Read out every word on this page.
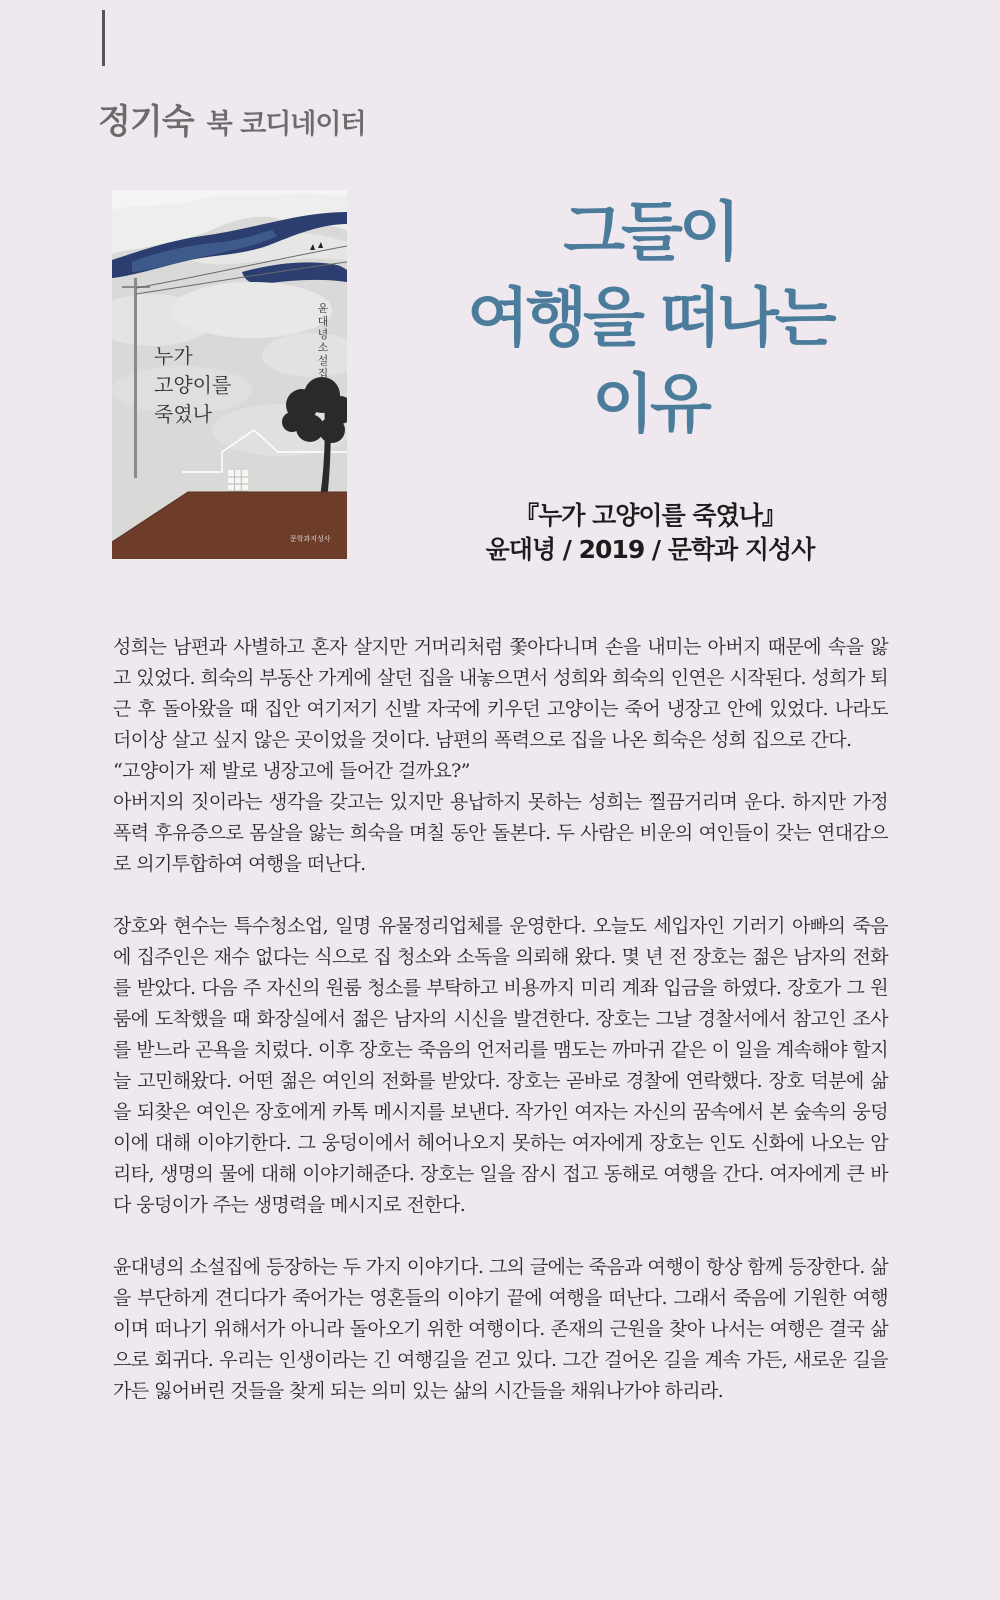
정기숙 북 코디네이터
누가
고양이를
죽였나
윤대녕 소설집
문학과지성사
그들이
여행을 떠나는
이유
『누가 고양이를 죽였나』
윤대녕 / 2019 / 문학과 지성사
성희는 남편과 사별하고 혼자 살지만 거머리처럼 쫓아다니며 손을 내미는 아버지 때문에 속을 앓고 있었다. 희숙의 부동산 가게에 살던 집을 내놓으면서 성희와 희숙의 인연은 시작된다. 성희가 퇴근 후 돌아왔을 때 집안 여기저기 신발 자국에 키우던 고양이는 죽어 냉장고 안에 있었다. 나라도 더이상 살고 싶지 않은 곳이었을 것이다. 남편의 폭력으로 집을 나온 희숙은 성희 집으로 간다.
“고양이가 제 발로 냉장고에 들어간 걸까요?”
아버지의 짓이라는 생각을 갖고는 있지만 용납하지 못하는 성희는 찔끔거리며 운다. 하지만 가정폭력 후유증으로 몸살을 앓는 희숙을 며칠 동안 돌본다. 두 사람은 비운의 여인들이 갖는 연대감으로 의기투합하여 여행을 떠난다.
장호와 현수는 특수청소업, 일명 유물정리업체를 운영한다. 오늘도 세입자인 기러기 아빠의 죽음에 집주인은 재수 없다는 식으로 집 청소와 소독을 의뢰해 왔다. 몇 년 전 장호는 젊은 남자의 전화를 받았다. 다음 주 자신의 원룸 청소를 부탁하고 비용까지 미리 계좌 입금을 하였다. 장호가 그 원룸에 도착했을 때 화장실에서 젊은 남자의 시신을 발견한다. 장호는 그날 경찰서에서 참고인 조사를 받느라 곤욕을 치렀다. 이후 장호는 죽음의 언저리를 맴도는 까마귀 같은 이 일을 계속해야 할지 늘 고민해왔다. 어떤 젊은 여인의 전화를 받았다. 장호는 곧바로 경찰에 연락했다. 장호 덕분에 삶을 되찾은 여인은 장호에게 카톡 메시지를 보낸다. 작가인 여자는 자신의 꿈속에서 본 숲속의 웅덩이에 대해 이야기한다. 그 웅덩이에서 헤어나오지 못하는 여자에게 장호는 인도 신화에 나오는 암리타, 생명의 물에 대해 이야기해준다. 장호는 일을 잠시 접고 동해로 여행을 간다. 여자에게 큰 바다 웅덩이가 주는 생명력을 메시지로 전한다.
윤대녕의 소설집에 등장하는 두 가지 이야기다. 그의 글에는 죽음과 여행이 항상 함께 등장한다. 삶을 부단하게 견디다가 죽어가는 영혼들의 이야기 끝에 여행을 떠난다. 그래서 죽음에 기원한 여행이며 떠나기 위해서가 아니라 돌아오기 위한 여행이다. 존재의 근원을 찾아 나서는 여행은 결국 삶으로 회귀다. 우리는 인생이라는 긴 여행길을 걷고 있다. 그간 걸어온 길을 계속 가든, 새로운 길을 가든 잃어버린 것들을 찾게 되는 의미 있는 삶의 시간들을 채워나가야 하리라.
